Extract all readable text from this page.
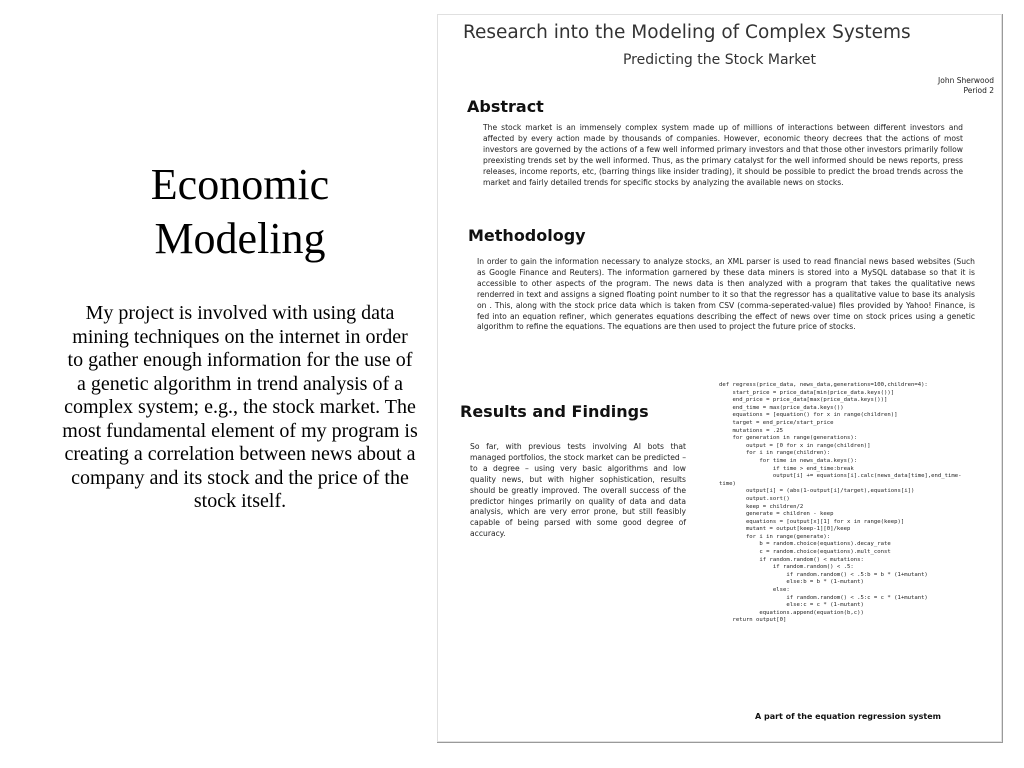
Economic Modeling
My project is involved with using data mining techniques on the internet in order to gather enough information for the use of a genetic algorithm in trend analysis of a complex system; e.g., the stock market. The most fundamental element of my program is creating a correlation between news about a company and its stock and the price of the stock itself.
Research into the Modeling of Complex Systems
Predicting the Stock Market
John Sherwood
Period 2
Abstract
The stock market is an immensely complex system made up of millions of interactions between different investors and affected by every action made by thousands of companies. However, economic theory decrees that the actions of most investors are governed by the actions of a few well informed primary investors and that those other investors primarily follow preexisting trends set by the well informed. Thus, as the primary catalyst for the well informed should be news reports, press releases, income reports, etc, (barring things like insider trading), it should be possible to predict the broad trends across the market and fairly detailed trends for specific stocks by analyzing the available news on stocks.
Methodology
In order to gain the information necessary to analyze stocks, an XML parser is used to read financial news based websites (Such as Google Finance and Reuters). The information garnered by these data miners is stored into a MySQL database so that it is accessible to other aspects of the program. The news data is then analyzed with a program that takes the qualitative news renderred in text and assigns a signed floating point number to it so that the regressor has a qualitative value to base its analysis on . This, along with the stock price data which is taken from CSV (comma-seperated-value) files provided by Yahoo! Finance, is fed into an equation refiner, which generates equations describing the effect of news over time on stock prices using a genetic algorithm to refine the equations. The equations are then used to project the future price of stocks.
Results and Findings
So far, with previous tests involving AI bots that managed portfolios, the stock market can be predicted – to a degree – using very basic algorithms and low quality news, but with higher sophistication, results should be greatly improved. The overall success of the predictor hinges primarily on quality of data and data analysis, which are very error prone, but still feasibly capable of being parsed with some good degree of accuracy.
def regress(price_data, news_data,generations=100,children=4):
start_price = price_data[min(price_data.keys())]
end_price = price_data[max(price_data.keys())]
end_time = max(price_data.keys())
equations = [equation() for x in range(children)]
target = end_price/start_price
mutations = .25
for generation in range(generations):
output = [0 for x in range(children)]
for i in range(children):
for time in news_data.keys():
if time > end_time:break
output[i] += equations[i].calc(news_data[time],end_time-
time)
output[i] = (abs(1-output[i]/target),equations[i])
output.sort()
keep = children/2
generate = children - keep
equations = [output[x][1] for x in range(keep)]
mutant = output[keep-1][0]/keep
for i in range(generate):
b = random.choice(equations).decay_rate
c = random.choice(equations).mult_const
if random.random() < mutations:
if random.random() < .5:
if random.random() < .5:b = b * (1+mutant)
else:b = b * (1-mutant)
else:
if random.random() < .5:c = c * (1+mutant)
else:c = c * (1-mutant)
equations.append(equation(b,c))
return output[0]
A part of the equation regression system
